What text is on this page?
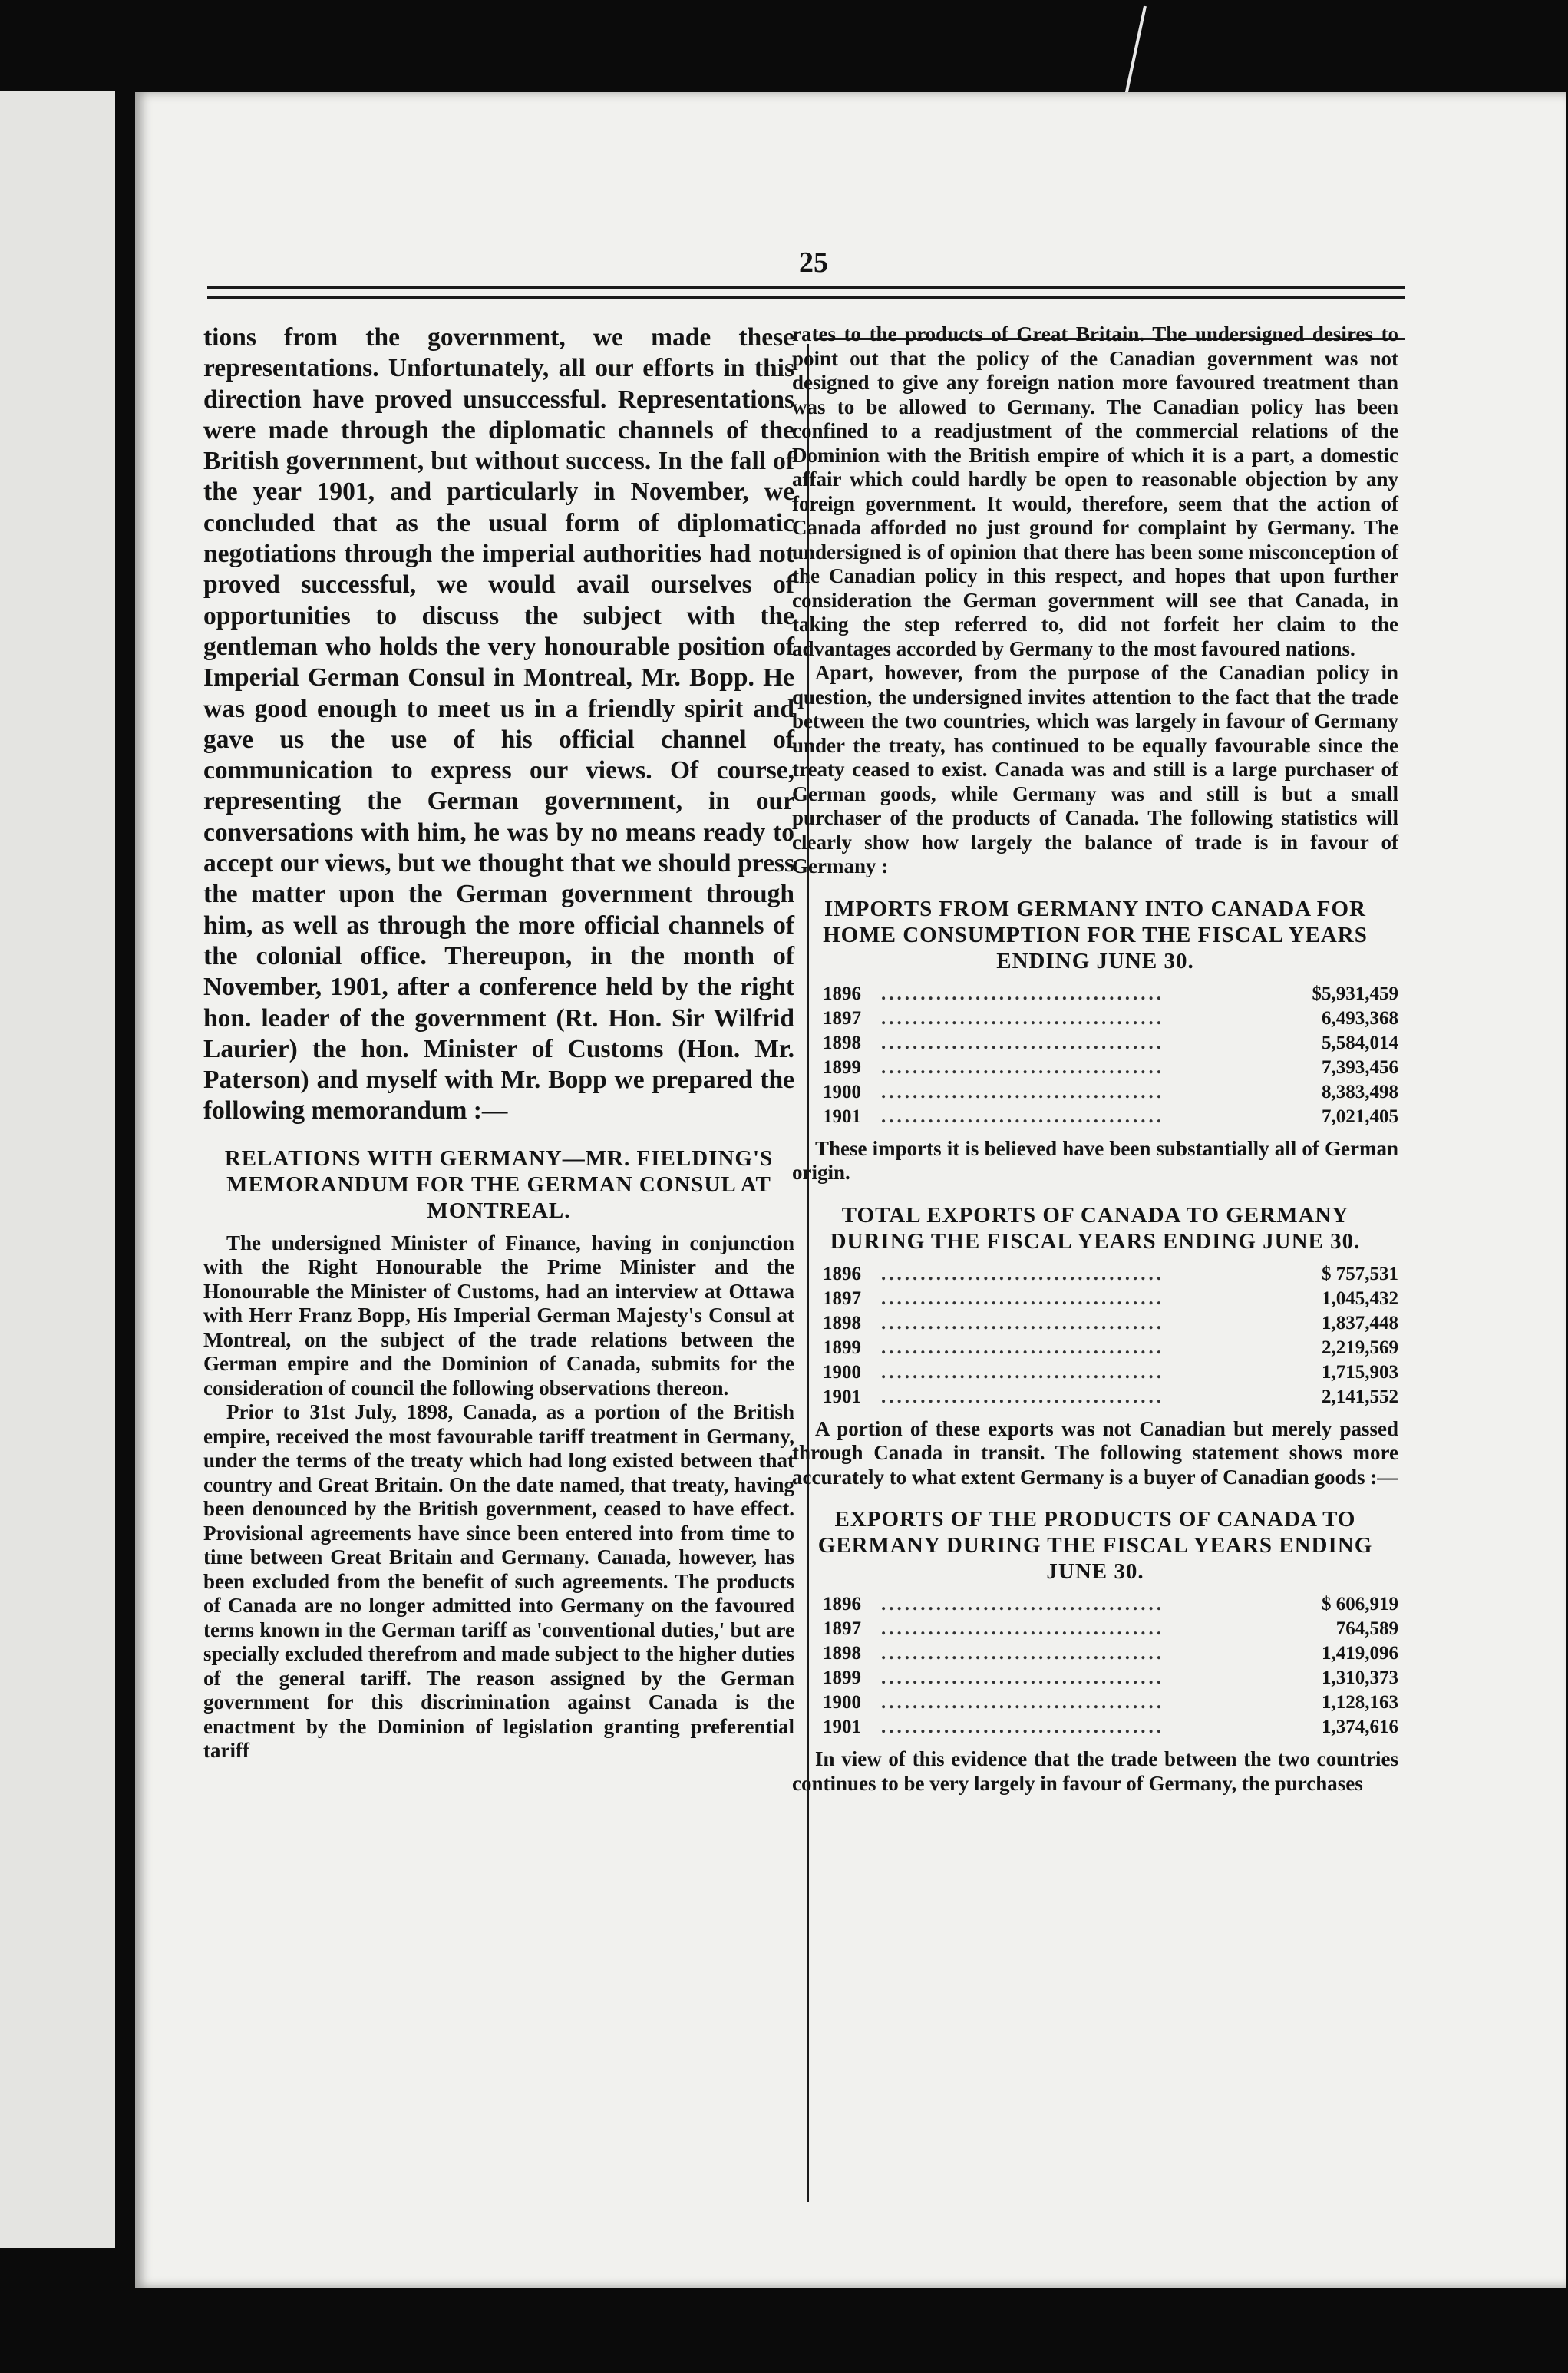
25

tions from the government, we made these representations. Unfortunately, all our efforts in this direction have proved unsuccessful. Representations were made through the diplomatic channels of the British government, but without success. In the fall of the year 1901, and particularly in November, we concluded that as the usual form of diplomatic negotiations through the imperial authorities had not proved successful, we would avail ourselves of opportunities to discuss the subject with the gentleman who holds the very honourable position of Imperial German Consul in Montreal, Mr. Bopp. He was good enough to meet us in a friendly spirit and gave us the use of his official channel of communication to express our views. Of course, representing the German government, in our conversations with him, he was by no means ready to accept our views, but we thought that we should press the matter upon the German government through him, as well as through the more official channels of the colonial office. Thereupon, in the month of November, 1901, after a conference held by the right hon. leader of the government (Rt. Hon. Sir Wilfrid Laurier) the hon. Minister of Customs (Hon. Mr. Paterson) and myself with Mr. Bopp we prepared the following memorandum :—

RELATIONS WITH GERMANY—MR. FIELDING'S MEMORANDUM FOR THE GERMAN CONSUL AT MONTREAL.

The undersigned Minister of Finance, having in conjunction with the Right Honourable the Prime Minister and the Honourable the Minister of Customs, had an interview at Ottawa with Herr Franz Bopp, His Imperial German Majesty's Consul at Montreal, on the subject of the trade relations between the German empire and the Dominion of Canada, submits for the consideration of council the following observations thereon.

Prior to 31st July, 1898, Canada, as a portion of the British empire, received the most favourable tariff treatment in Germany, under the terms of the treaty which had long existed between that country and Great Britain. On the date named, that treaty, having been denounced by the British government, ceased to have effect. Provisional agreements have since been entered into from time to time between Great Britain and Germany. Canada, however, has been excluded from the benefit of such agreements. The products of Canada are no longer admitted into Germany on the favoured terms known in the German tariff as 'conventional duties,' but are specially excluded therefrom and made subject to the higher duties of the general tariff. The reason assigned by the German government for this discrimination against Canada is the enactment by the Dominion of legislation granting preferential tariff

rates to the products of Great Britain. The undersigned desires to point out that the policy of the Canadian government was not designed to give any foreign nation more favoured treatment than was to be allowed to Germany. The Canadian policy has been confined to a readjustment of the commercial relations of the Dominion with the British empire of which it is a part, a domestic affair which could hardly be open to reasonable objection by any foreign government. It would, therefore, seem that the action of Canada afforded no just ground for complaint by Germany. The undersigned is of opinion that there has been some misconception of the Canadian policy in this respect, and hopes that upon further consideration the German government will see that Canada, in taking the step referred to, did not forfeit her claim to the advantages accorded by Germany to the most favoured nations.

Apart, however, from the purpose of the Canadian policy in question, the undersigned invites attention to the fact that the trade between the two countries, which was largely in favour of Germany under the treaty, has continued to be equally favourable since the treaty ceased to exist. Canada was and still is a large purchaser of German goods, while Germany was and still is but a small purchaser of the products of Canada. The following statistics will clearly show how largely the balance of trade is in favour of Germany :

IMPORTS FROM GERMANY INTO CANADA FOR HOME CONSUMPTION FOR THE FISCAL YEARS ENDING JUNE 30.
1896	....................................	$5,931,459
1897	....................................	6,493,368
1898	....................................	5,584,014
1899	....................................	7,393,456
1900	....................................	8,383,498
1901	....................................	7,021,405

These imports it is believed have been substantially all of German origin.

TOTAL EXPORTS OF CANADA TO GERMANY DURING THE FISCAL YEARS ENDING JUNE 30.
1896	....................................	$ 757,531
1897	....................................	1,045,432
1898	....................................	1,837,448
1899	....................................	2,219,569
1900	....................................	1,715,903
1901	....................................	2,141,552

A portion of these exports was not Canadian but merely passed through Canada in transit. The following statement shows more accurately to what extent Germany is a buyer of Canadian goods :—

EXPORTS OF THE PRODUCTS OF CANADA TO GERMANY DURING THE FISCAL YEARS ENDING JUNE 30.
1896	....................................	$ 606,919
1897	....................................	764,589
1898	....................................	1,419,096
1899	....................................	1,310,373
1900	....................................	1,128,163
1901	....................................	1,374,616

In view of this evidence that the trade between the two countries continues to be very largely in favour of Germany, the purchases
